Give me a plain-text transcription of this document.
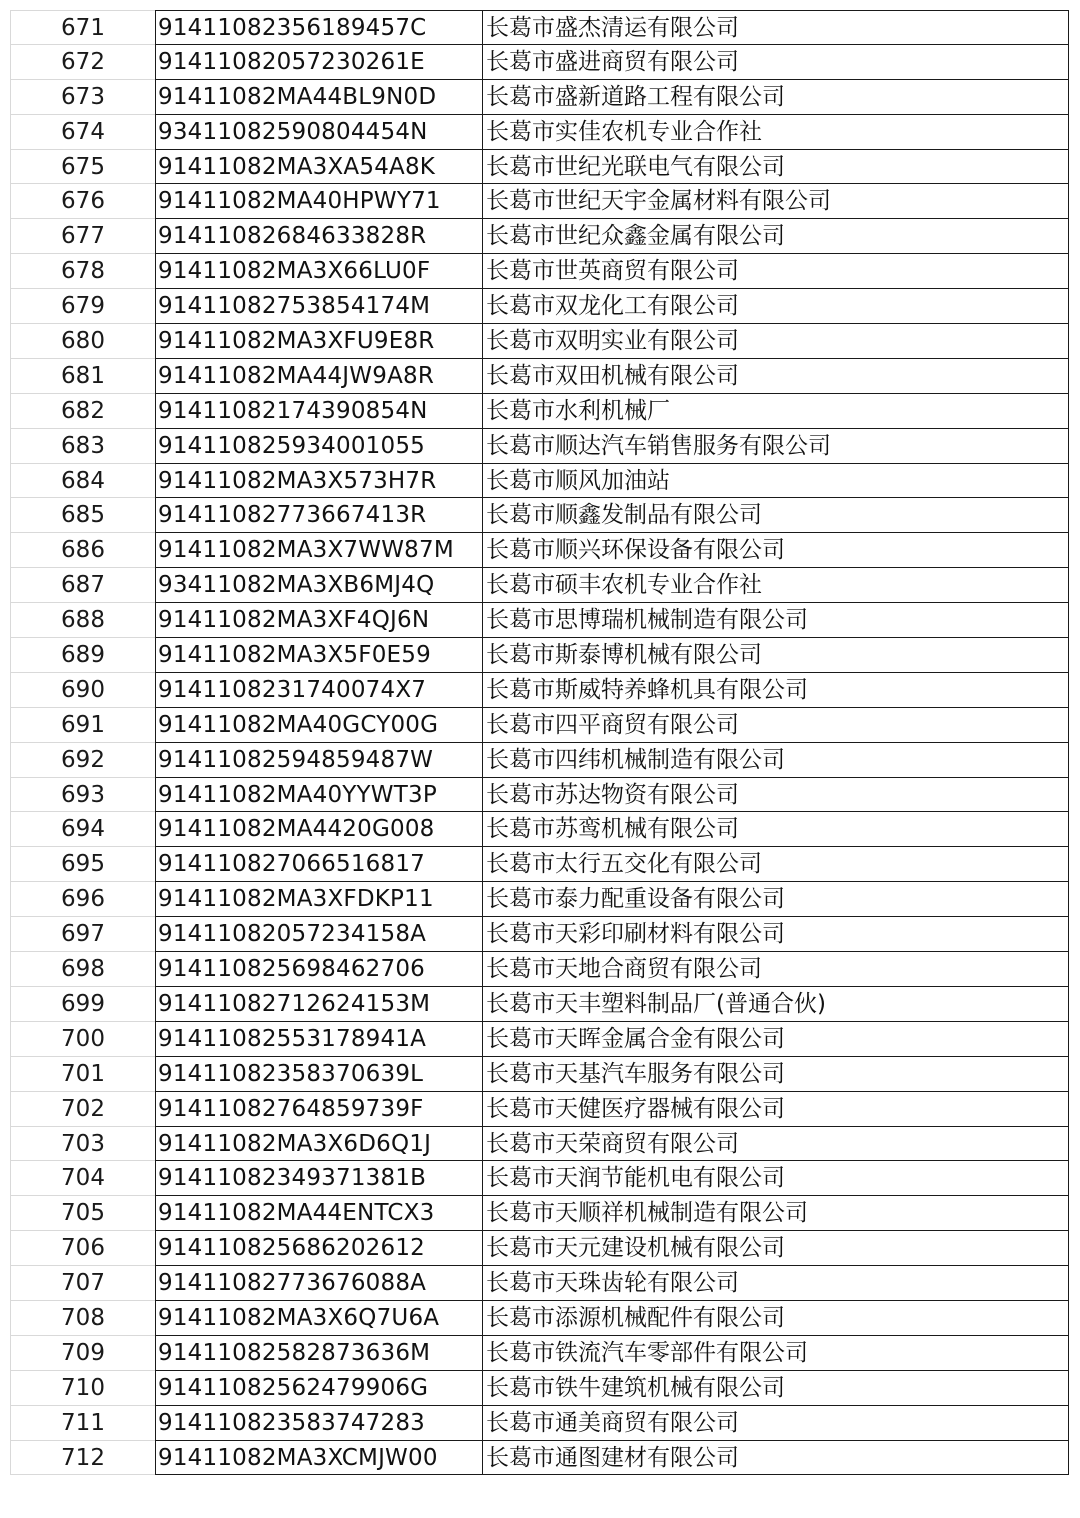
671	91411082356189457C	长葛市盛杰清运有限公司
672	91411082057230261E	长葛市盛进商贸有限公司
673	91411082MA44BL9N0D	长葛市盛新道路工程有限公司
674	93411082590804454N	长葛市实佳农机专业合作社
675	91411082MA3XA54A8K	长葛市世纪光联电气有限公司
676	91411082MA40HPWY71	长葛市世纪天宇金属材料有限公司
677	91411082684633828R	长葛市世纪众鑫金属有限公司
678	91411082MA3X66LU0F	长葛市世英商贸有限公司
679	91411082753854174M	长葛市双龙化工有限公司
680	91411082MA3XFU9E8R	长葛市双明实业有限公司
681	91411082MA44JW9A8R	长葛市双田机械有限公司
682	91411082174390854N	长葛市水利机械厂
683	914110825934001055	长葛市顺达汽车销售服务有限公司
684	91411082MA3X573H7R	长葛市顺风加油站
685	91411082773667413R	长葛市顺鑫发制品有限公司
686	91411082MA3X7WW87M	长葛市顺兴环保设备有限公司
687	93411082MA3XB6MJ4Q	长葛市硕丰农机专业合作社
688	91411082MA3XF4QJ6N	长葛市思博瑞机械制造有限公司
689	91411082MA3X5F0E59	长葛市斯泰博机械有限公司
690	9141108231740074X7	长葛市斯威特养蜂机具有限公司
691	91411082MA40GCY00G	长葛市四平商贸有限公司
692	91411082594859487W	长葛市四纬机械制造有限公司
693	91411082MA40YYWT3P	长葛市苏达物资有限公司
694	91411082MA4420G008	长葛市苏鸾机械有限公司
695	914110827066516817	长葛市太行五交化有限公司
696	91411082MA3XFDKP11	长葛市泰力配重设备有限公司
697	91411082057234158A	长葛市天彩印刷材料有限公司
698	914110825698462706	长葛市天地合商贸有限公司
699	91411082712624153M	长葛市天丰塑料制品厂(普通合伙)
700	91411082553178941A	长葛市天晖金属合金有限公司
701	91411082358370639L	长葛市天基汽车服务有限公司
702	91411082764859739F	长葛市天健医疗器械有限公司
703	91411082MA3X6D6Q1J	长葛市天荣商贸有限公司
704	91411082349371381B	长葛市天润节能机电有限公司
705	91411082MA44ENTCX3	长葛市天顺祥机械制造有限公司
706	914110825686202612	长葛市天元建设机械有限公司
707	91411082773676088A	长葛市天珠齿轮有限公司
708	91411082MA3X6Q7U6A	长葛市添源机械配件有限公司
709	91411082582873636M	长葛市铁流汽车零部件有限公司
710	91411082562479906G	长葛市铁牛建筑机械有限公司
711	914110823583747283	长葛市通美商贸有限公司
712	91411082MA3XCMJW00	长葛市通图建材有限公司
